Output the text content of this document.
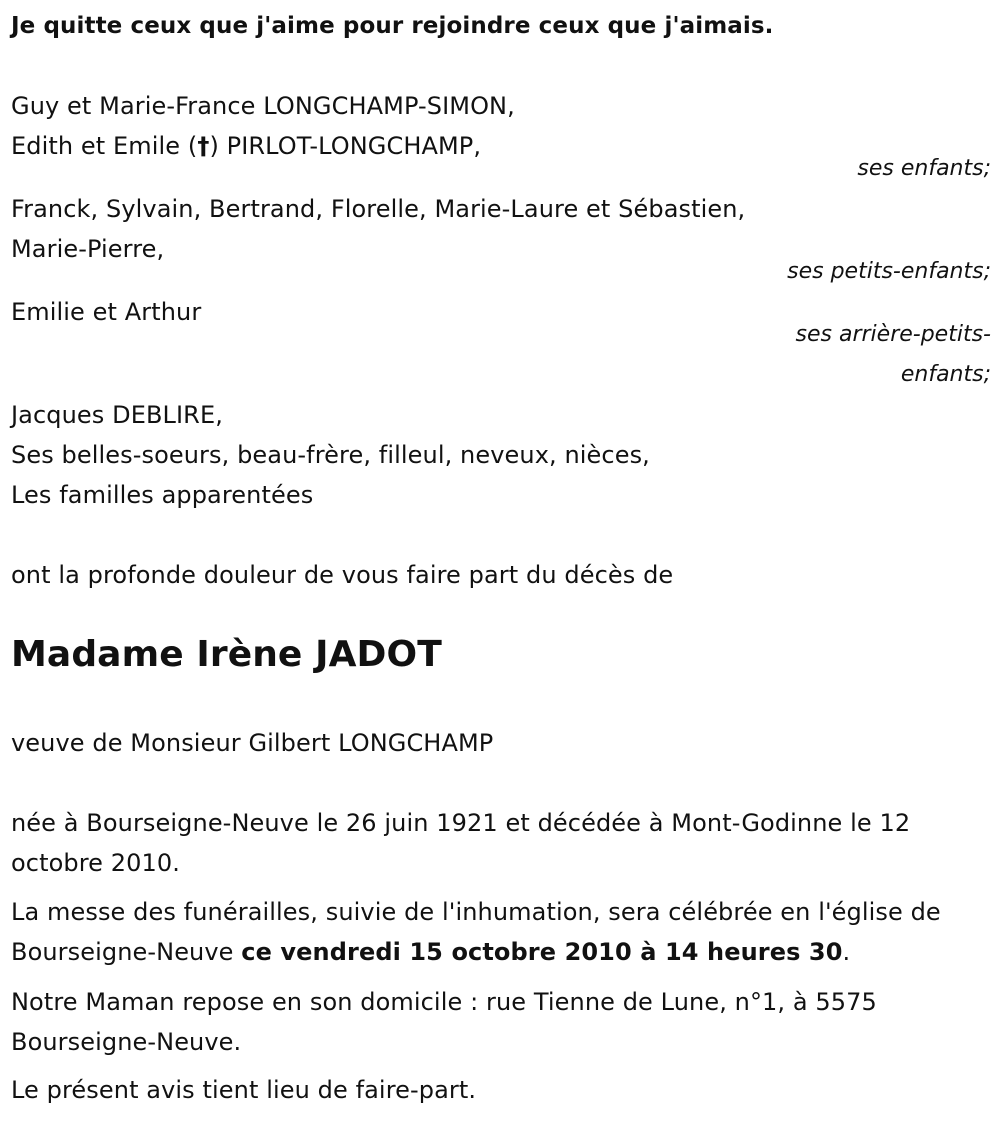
Je quitte ceux que j'aime pour rejoindre ceux que j'aimais.
Guy et Marie-France LONGCHAMP-SIMON,
Edith et Emile (†) PIRLOT-LONGCHAMP,
ses enfants;
Franck, Sylvain, Bertrand, Florelle, Marie-Laure et Sébastien,
Marie-Pierre,
ses petits-enfants;
Emilie et Arthur
ses arrière-petits-
enfants;
Jacques DEBLIRE,
Ses belles-soeurs, beau-frère, filleul, neveux, nièces,
Les familles apparentées
ont la profonde douleur de vous faire part du décès de
Madame Irène JADOT
veuve de Monsieur Gilbert LONGCHAMP
née à Bourseigne-Neuve le 26 juin 1921 et décédée à Mont-Godinne le 12 octobre 2010.
La messe des funérailles, suivie de l'inhumation, sera célébrée en l'église de Bourseigne-Neuve ce vendredi 15 octobre 2010 à 14 heures 30.
Notre Maman repose en son domicile : rue Tienne de Lune, n°1, à 5575 Bourseigne-Neuve.
Le présent avis tient lieu de faire-part.
